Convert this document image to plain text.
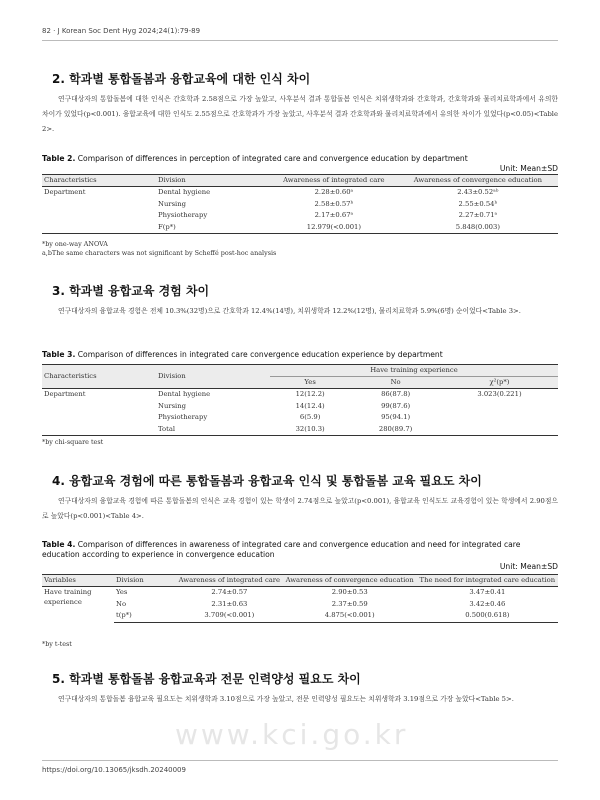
82 · J Korean Soc Dent Hyg 2024;24(1):79-89
2. 학과별 통합돌봄과 융합교육에 대한 인식 차이

연구대상자의 통합돌봄에 대한 인식은 간호학과 2.58점으로 가장 높았고, 사후분석 결과 통합돌봄 인식은 치위생학과와 간호학과, 간호학과와 물리치료학과에서 유의한 차이가 있었다(p<0.001). 융합교육에 대한 인식도 2.55점으로 간호학과가 가장 높았고, 사후분석 결과 간호학과와 물리치료학과에서 유의한 차이가 있었다(p<0.05)<Table 2>.

Table 2. Comparison of differences in perception of integrated care and convergence education by department
Unit: Mean±SD
Characteristics	Division	Awareness of integrated care	Awareness of convergence education
Department	Dental hygiene	2.28±0.60ᵃ	2.43±0.52ᵃᵇ
	Nursing	2.58±0.57ᵇ	2.55±0.54ᵇ
	Physiotherapy	2.17±0.67ᵃ	2.27±0.71ᵃ
	F(p*)	12.979(<0.001)	5.848(0.003)
*by one-way ANOVA
a,bThe same characters was not significant by Scheffé post-hoc analysis
3. 학과별 융합교육 경험 차이

연구대상자의 융합교육 경험은 전체 10.3%(32명)으로 간호학과 12.4%(14명), 치위생학과 12.2%(12명), 물리치료학과 5.9%(6명) 순이었다<Table 3>.

Table 3. Comparison of differences in integrated care convergence education experience by department
Characteristics	Division	Have training experience		
		Yes	No	χ²(p*)
Department	Dental hygiene	12(12.2)	86(87.8)	3.023(0.221)
	Nursing	14(12.4)	99(87.6)	
	Physiotherapy	6(5.9)	95(94.1)	
	Total	32(10.3)	280(89.7)	
*by chi-square test
4. 융합교육 경험에 따른 통합돌봄과 융합교육 인식 및 통합돌봄 교육 필요도 차이

연구대상자의 융합교육 경험에 따른 통합돌봄의 인식은 교육 경험이 있는 학생이 2.74점으로 높았고(p<0.001), 융합교육 인식도도 교육경험이 있는 학생에서 2.90점으로 높았다(p<0.001)<Table 4>.

Table 4. Comparison of differences in awareness of integrated care and convergence education and need for integrated care education according to experience in convergence education
Unit: Mean±SD
Variables	Division	Awareness of integrated care	Awareness of convergence education	The need for integrated care education
Have training experience	Yes	2.74±0.57	2.90±0.53	3.47±0.41
	No	2.31±0.63	2.37±0.59	3.42±0.46
	t(p*)	3.709(<0.001)	4.875(<0.001)	0.500(0.618)
*by t-test
5. 학과별 통합돌봄 융합교육과 전문 인력양성 필요도 차이

연구대상자의 통합돌봄 융합교육 필요도는 치위생학과 3.10점으로 가장 높았고, 전문 인력양성 필요도는 치위생학과 3.19점으로 가장 높았다<Table 5>.

www.kci.go.kr
https://doi.org/10.13065/jksdh.20240009
